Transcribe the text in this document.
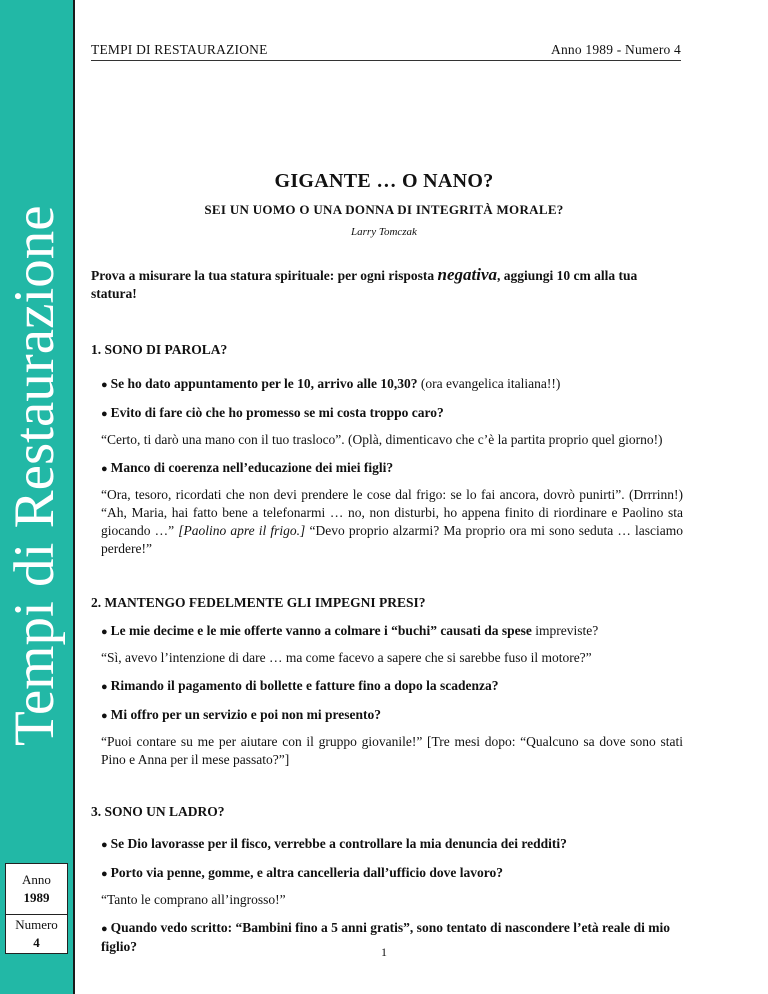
Tempi di Restaurazione
Anno
1989
Numero
4
TEMPI DI RESTAURAZIONE	Anno 1989 - Numero 4
GIGANTE … O NANO?
SEI UN UOMO O UNA DONNA DI INTEGRITÀ MORALE?
Larry Tomczak
Prova a misurare la tua statura spirituale: per ogni risposta negativa, aggiungi 10 cm alla tua statura!
1. SONO DI PAROLA?
● Se ho dato appuntamento per le 10, arrivo alle 10,30? (ora evangelica italiana!!)
● Evito di fare ciò che ho promesso se mi costa troppo caro?
“Certo, ti darò una mano con il tuo trasloco”. (Oplà, dimenticavo che c’è la partita proprio quel giorno!)
● Manco di coerenza nell’educazione dei miei figli?
“Ora, tesoro, ricordati che non devi prendere le cose dal frigo: se lo fai ancora, dovrò punirti”. (Drrrinn!) “Ah, Maria, hai fatto bene a telefonarmi … no, non disturbi, ho appena finito di riordinare e Paolino sta giocando …” [Paolino apre il frigo.] “Devo proprio alzarmi? Ma proprio ora mi sono seduta … lasciamo perdere!”
2. MANTENGO FEDELMENTE GLI IMPEGNI PRESI?
● Le mie decime e le mie offerte vanno a colmare i “buchi” causati da spese impreviste?
“Sì, avevo l’intenzione di dare … ma come facevo a sapere che si sarebbe fuso il motore?”
● Rimando il pagamento di bollette e fatture fino a dopo la scadenza?
● Mi offro per un servizio e poi non mi presento?
“Puoi contare su me per aiutare con il gruppo giovanile!” [Tre mesi dopo: “Qualcuno sa dove sono stati Pino e Anna per il mese passato?”]
3. SONO UN LADRO?
● Se Dio lavorasse per il fisco, verrebbe a controllare la mia denuncia dei redditi?
● Porto via penne, gomme, e altra cancelleria dall’ufficio dove lavoro?
“Tanto le comprano all’ingrosso!”
● Quando vedo scritto: “Bambini fino a 5 anni gratis”, sono tentato di nascondere l’età reale di mio figlio?	1
